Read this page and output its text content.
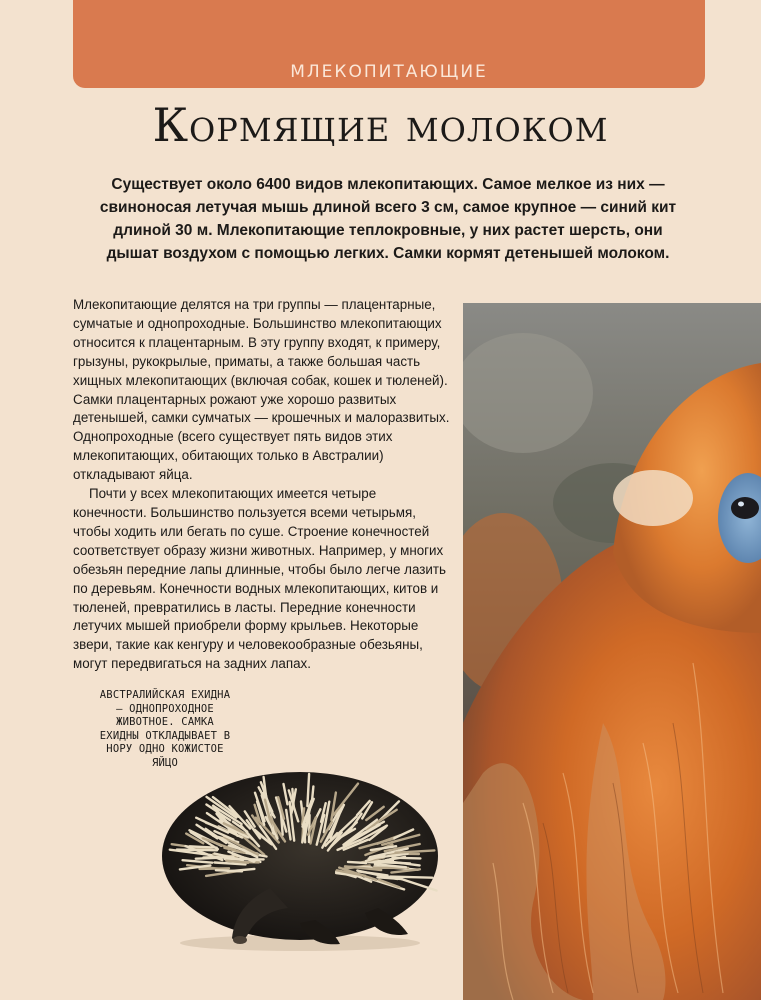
МЛЕКОПИТАЮЩИЕ
Кормящие молоком

Существует около 6400 видов млекопитающих. Самое мелкое из них — свиноносая летучая мышь длиной всего 3 см, самое крупное — синий кит длиной 30 м. Млекопитающие теплокровные, у них растет шерсть, они дышат воздухом с помощью легких. Самки кормят детенышей молоком.

Млекопитающие делятся на три группы — плацентарные, сумчатые и однопроходные. Большинство млекопитающих относится к плацентарным. В эту группу входят, к примеру, грызуны, рукокрылые, приматы, а также большая часть хищных млекопитающих (включая собак, кошек и тюленей). Самки плацентарных рожают уже хорошо развитых детенышей, самки сумчатых — крошечных и малоразвитых. Однопроходные (всего существует пять видов этих млекопитающих, обитающих только в Австралии) откладывают яйца.

Почти у всех млекопитающих имеется четыре конечности. Большинство пользуется всеми четырьмя, чтобы ходить или бегать по суше. Строение конечностей соответствует образу жизни животных. Например, у многих обезьян передние лапы длинные, чтобы было легче лазить по деревьям. Конечности водных млекопитающих, китов и тюленей, превратились в ласты. Передние конечности летучих мышей приобрели форму крыльев. Некоторые звери, такие как кенгуру и человекообразные обезьяны, могут передвигаться на задних лапах.

АВСТРАЛИЙСКАЯ ЕХИДНА — ОДНОПРОХОДНОЕ ЖИВОТНОЕ. САМКА ЕХИДНЫ ОТКЛАДЫВАЕТ В НОРУ ОДНО КОЖИСТОЕ ЯЙЦО
